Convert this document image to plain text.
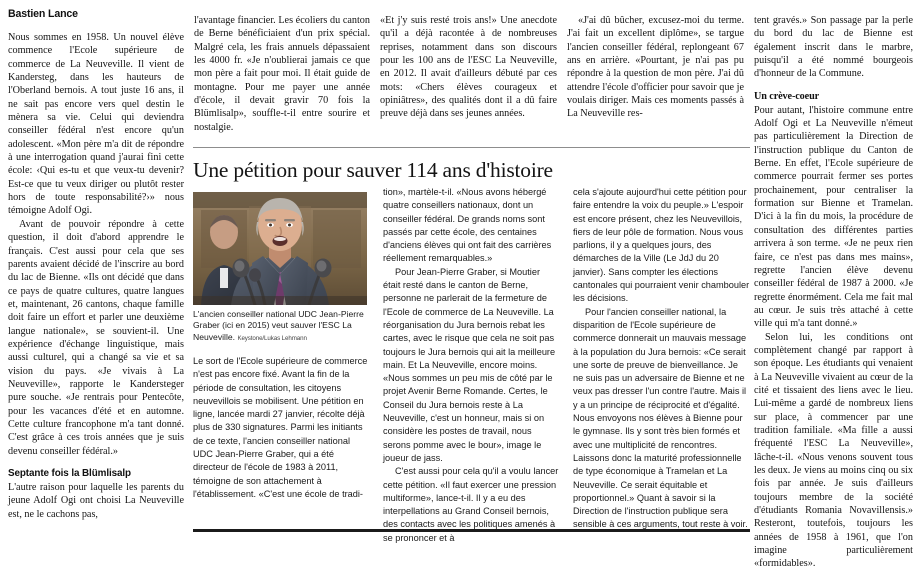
Bastien Lance

Nous sommes en 1958. Un nouvel élève commence l'Ecole supérieure de commerce de La Neuveville. Il vient de Kandersteg, dans les hauteurs de l'Oberland bernois. A tout juste 16 ans, il ne sait pas encore vers quel destin le mènera sa vie. Celui qui deviendra conseiller fédéral n'est encore qu'un adolescent. «Mon père m'a dit de répondre à une interrogation quand j'aurai fini cette école: ‹Qui es-tu et que veux-tu devenir? Est-ce que tu veux diriger ou plutôt rester hors de toute responsabilité?›» nous témoigne Adolf Ogi.

Avant de pouvoir répondre à cette question, il doit d'abord apprendre le français. C'est aussi pour cela que ses parents avaient décidé de l'inscrire au bord du lac de Bienne. «Ils ont décidé que dans ce pays de quatre cultures, quatre langues et, maintenant, 26 cantons, chaque famille doit faire un effort et parler une deuxième langue nationale», se souvient-il. Une expérience d'échange linguistique, mais aussi culturel, qui a changé sa vie et sa vision du pays. «Je vivais à La Neuveville», rapporte le Kandersteger pure souche. «Je rentrais pour Pentecôte, pour les vacances d'été et en automne. Cette culture francophone m'a tant donné. C'est grâce à ces trois années que je suis devenu conseiller fédéral.»

Septante fois la Blümlisalp

L'autre raison pour laquelle les parents du jeune Adolf Ogi ont choisi La Neuveville est, ne le cachons pas,

l'avantage financier. Les écoliers du canton de Berne bénéficiaient d'un prix spécial. Malgré cela, les frais annuels dépassaient les 4000 fr. «Je n'oublierai jamais ce que mon père a fait pour moi. Il était guide de montagne. Pour me payer une année d'école, il devait gravir 70 fois la Blümlisalp», souffle-t-il entre sourire et nostalgie.

«Et j'y suis resté trois ans!» Une anecdote qu'il a déjà racontée à de nombreuses reprises, notamment dans son discours pour les 100 ans de l'ESC La Neuveville, en 2012. Il avait d'ailleurs débuté par ces mots: «Chers élèves courageux et opiniâtres», des qualités dont il a dû faire preuve déjà dans ses jeunes années.

«J'ai dû bûcher, excusez-moi du terme. J'ai fait un excellent diplôme», se targue l'ancien conseiller fédéral, replongeant 67 ans en arrière. «Pourtant, je n'ai pas pu répondre à la question de mon père. J'ai dû attendre l'école d'officier pour savoir que je voulais diriger. Mais ces moments passés à La Neuveville res-

tent gravés.» Son passage par la perle du bord du lac de Bienne est également inscrit dans le marbre, puisqu'il a été nommé bourgeois d'honneur de la Commune.

Un crève-coeur

Pour autant, l'histoire commune entre Adolf Ogi et La Neuveville n'émeut pas particulièrement la Direction de l'instruction publique du Canton de Berne. En effet, l'Ecole supérieure de commerce pourrait fermer ses portes prochainement, pour centraliser la formation sur Bienne et Tramelan. D'ici à la fin du mois, la procédure de consultation des différentes parties arrivera à son terme. «Je ne peux rien faire, ce n'est pas dans mes mains», regrette l'ancien élève devenu conseiller fédéral de 1987 à 2000. «Je regrette énormément. Cela me fait mal au cœur. Je suis très attaché à cette ville qui m'a tant donné.»

Selon lui, les conditions ont complètement changé par rapport à son époque. Les étudiants qui venaient à La Neuveville vivaient au cœur de la cité et tissaient des liens avec le lieu. Lui-même a gardé de nombreux liens sur place, à commencer par une tradition familiale. «Ma fille a aussi fréquenté l'ESC La Neuveville», lâche-t-il. «Nous venons souvent tous les deux. Je viens au moins cinq ou six fois par année. Je suis d'ailleurs toujours membre de la société d'étudiants Romania Novavillensis.» Resteront, toutefois, toujours les années de 1958 à 1961, que l'on imagine particulièrement «formidables».

Une pétition pour sauver 114 ans d'histoire
L'ancien conseiller national UDC Jean-Pierre Graber (ici en 2015) veut sauver l'ESC La Neuveville. Keystone/Lukas Lehmann

Le sort de l'Ecole supérieure de commerce n'est pas encore fixé. Avant la fin de la période de consultation, les citoyens neuvevillois se mobilisent. Une pétition en ligne, lancée mardi 27 janvier, récolte déjà plus de 330 signatures. Parmi les initiants de ce texte, l'ancien conseiller national UDC Jean-Pierre Graber, qui a été directeur de l'école de 1983 à 2011, témoigne de son attachement à l'établissement. «C'est une école de tradi-

tion», martèle-t-il. «Nous avons hébergé quatre conseillers nationaux, dont un conseiller fédéral. De grands noms sont passés par cette école, des centaines d'anciens élèves qui ont fait des carrières réellement remarquables.»

Pour Jean-Pierre Graber, si Moutier était resté dans le canton de Berne, personne ne parlerait de la fermeture de l'Ecole de commerce de La Neuveville. La réorganisation du Jura bernois rebat les cartes, avec le risque que cela ne soit pas toujours le Jura bernois qui ait la meilleure main. Et La Neuveville, encore moins. «Nous sommes un peu mis de côté par le projet Avenir Berne Romande. Certes, le Conseil du Jura bernois reste à La Neuveville, c'est un honneur, mais si on considère les postes de travail, nous serons pomme avec le bour», image le joueur de jass.

C'est aussi pour cela qu'il a voulu lancer cette pétition. «Il faut exercer une pression multiforme», lance-t-il. Il y a eu des interpellations au Grand Conseil bernois, des contacts avec les politiques amenés à se prononcer et à

cela s'ajoute aujourd'hui cette pétition pour faire entendre la voix du peuple.» L'espoir est encore présent, chez les Neuvevillois, fiers de leur pôle de formation. Nous vous parlions, il y a quelques jours, des démarches de la Ville (Le JdJ du 20 janvier). Sans compter les élections cantonales qui pourraient venir chambouler les décisions.

Pour l'ancien conseiller national, la disparition de l'Ecole supérieure de commerce donnerait un mauvais message à la population du Jura bernois: «Ce serait une sorte de preuve de bienveillance. Je ne suis pas un adversaire de Bienne et ne veux pas dresser l'un contre l'autre. Mais il y a un principe de réciprocité et d'égalité. Nous envoyons nos élèves à Bienne pour le gymnase. Ils y sont très bien formés et avec une multiplicité de rencontres. Laissons donc la maturité professionnelle de type économique à Tramelan et La Neuveville. Ce serait équitable et proportionnel.» Quant à savoir si la Direction de l'instruction publique sera sensible à ces arguments, tout reste à voir.
